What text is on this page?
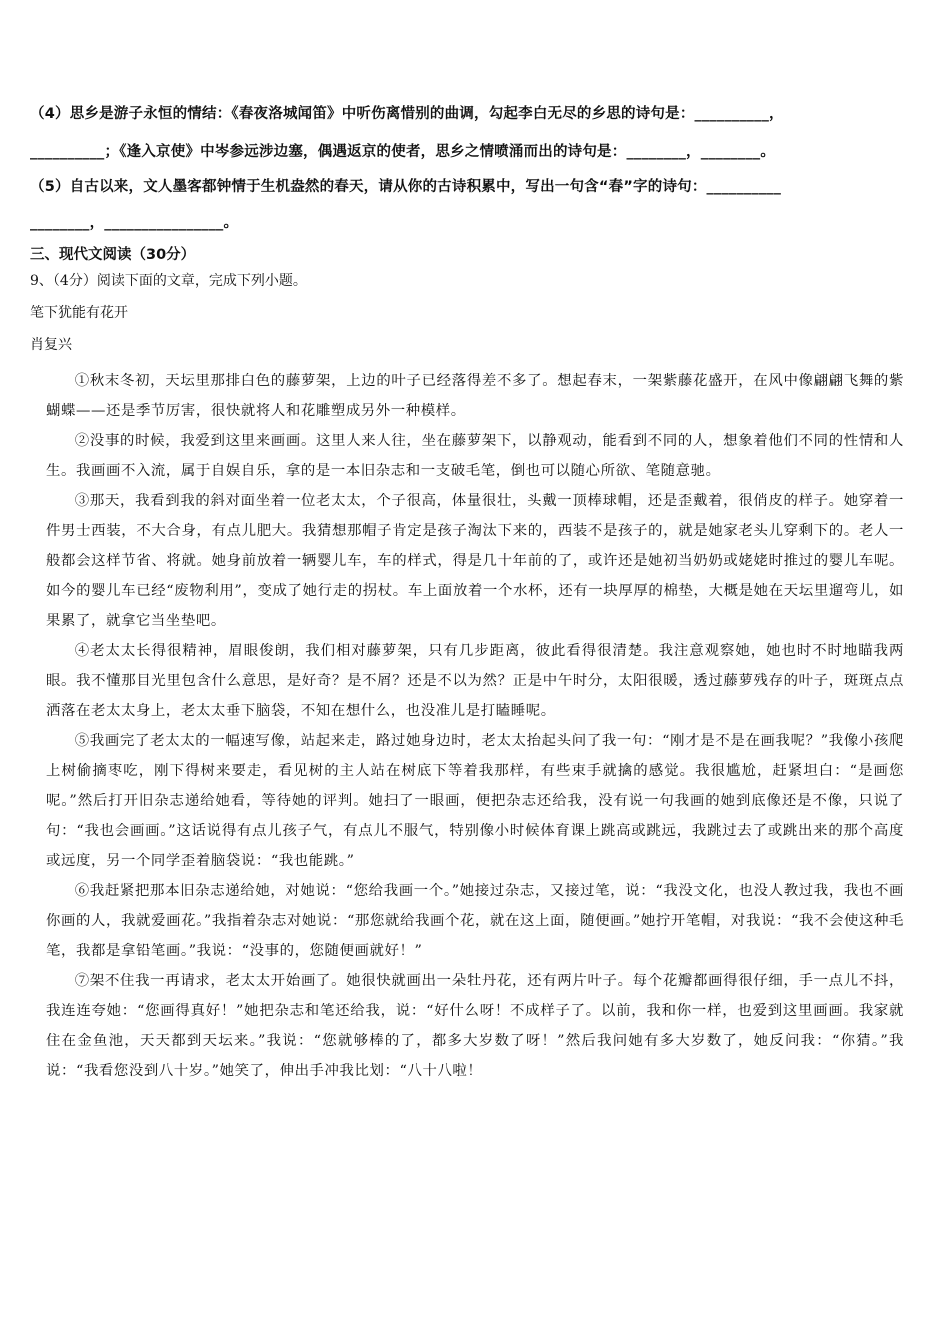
（4）思乡是游子永恒的情结：《春夜洛城闻笛》中听伤离惜别的曲调，勾起李白无尽的乡思的诗句是：__________，
__________；《逢入京使》中岑参远涉边塞，偶遇返京的使者，思乡之情喷涌而出的诗句是：________，________。
（5）自古以来，文人墨客都钟情于生机盎然的春天，请从你的古诗积累中，写出一句含“春”字的诗句：__________
________，________________。
三、现代文阅读（30分）
9、（4分）阅读下面的文章，完成下列小题。
笔下犹能有花开
肖复兴

①秋末冬初，天坛里那排白色的藤萝架，上边的叶子已经落得差不多了。想起春末，一架紫藤花盛开，在风中像翩翩飞舞的紫蝴蝶——还是季节厉害，很快就将人和花雕塑成另外一种模样。

②没事的时候，我爱到这里来画画。这里人来人往，坐在藤萝架下，以静观动，能看到不同的人，想象着他们不同的性情和人生。我画画不入流，属于自娱自乐，拿的是一本旧杂志和一支破毛笔，倒也可以随心所欲、笔随意驰。

③那天，我看到我的斜对面坐着一位老太太，个子很高，体量很壮，头戴一顶棒球帽，还是歪戴着，很俏皮的样子。她穿着一件男士西装，不大合身，有点儿肥大。我猜想那帽子肯定是孩子淘汰下来的，西装不是孩子的，就是她家老头儿穿剩下的。老人一般都会这样节省、将就。她身前放着一辆婴儿车，车的样式，得是几十年前的了，或许还是她初当奶奶或姥姥时推过的婴儿车呢。如今的婴儿车已经“废物利用”，变成了她行走的拐杖。车上面放着一个水杯，还有一块厚厚的棉垫，大概是她在天坛里遛弯儿，如果累了，就拿它当坐垫吧。

④老太太长得很精神，眉眼俊朗，我们相对藤萝架，只有几步距离，彼此看得很清楚。我注意观察她，她也时不时地瞄我两眼。我不懂那目光里包含什么意思，是好奇？是不屑？还是不以为然？正是中午时分，太阳很暖，透过藤萝残存的叶子，斑斑点点洒落在老太太身上，老太太垂下脑袋，不知在想什么，也没准儿是打瞌睡呢。

⑤我画完了老太太的一幅速写像，站起来走，路过她身边时，老太太抬起头问了我一句：“刚才是不是在画我呢？”我像小孩爬上树偷摘枣吃，刚下得树来要走，看见树的主人站在树底下等着我那样，有些束手就擒的感觉。我很尴尬，赶紧坦白：“是画您呢。”然后打开旧杂志递给她看，等待她的评判。她扫了一眼画，便把杂志还给我，没有说一句我画的她到底像还是不像，只说了句：“我也会画画。”这话说得有点儿孩子气，有点儿不服气，特别像小时候体育课上跳高或跳远，我跳过去了或跳出来的那个高度或远度，另一个同学歪着脑袋说：“我也能跳。”

⑥我赶紧把那本旧杂志递给她，对她说：“您给我画一个。”她接过杂志，又接过笔，说：“我没文化，也没人教过我，我也不画你画的人，我就爱画花。”我指着杂志对她说：“那您就给我画个花，就在这上面，随便画。”她拧开笔帽，对我说：“我不会使这种毛笔，我都是拿铅笔画。”我说：“没事的，您随便画就好！”

⑦架不住我一再请求，老太太开始画了。她很快就画出一朵牡丹花，还有两片叶子。每个花瓣都画得很仔细，手一点儿不抖，我连连夸她：“您画得真好！”她把杂志和笔还给我，说：“好什么呀！不成样子了。以前，我和你一样，也爱到这里画画。我家就住在金鱼池，天天都到天坛来。”我说：“您就够棒的了，都多大岁数了呀！”然后我问她有多大岁数了，她反问我：“你猜。”我说：“我看您没到八十岁。”她笑了，伸出手冲我比划：“八十八啦！
